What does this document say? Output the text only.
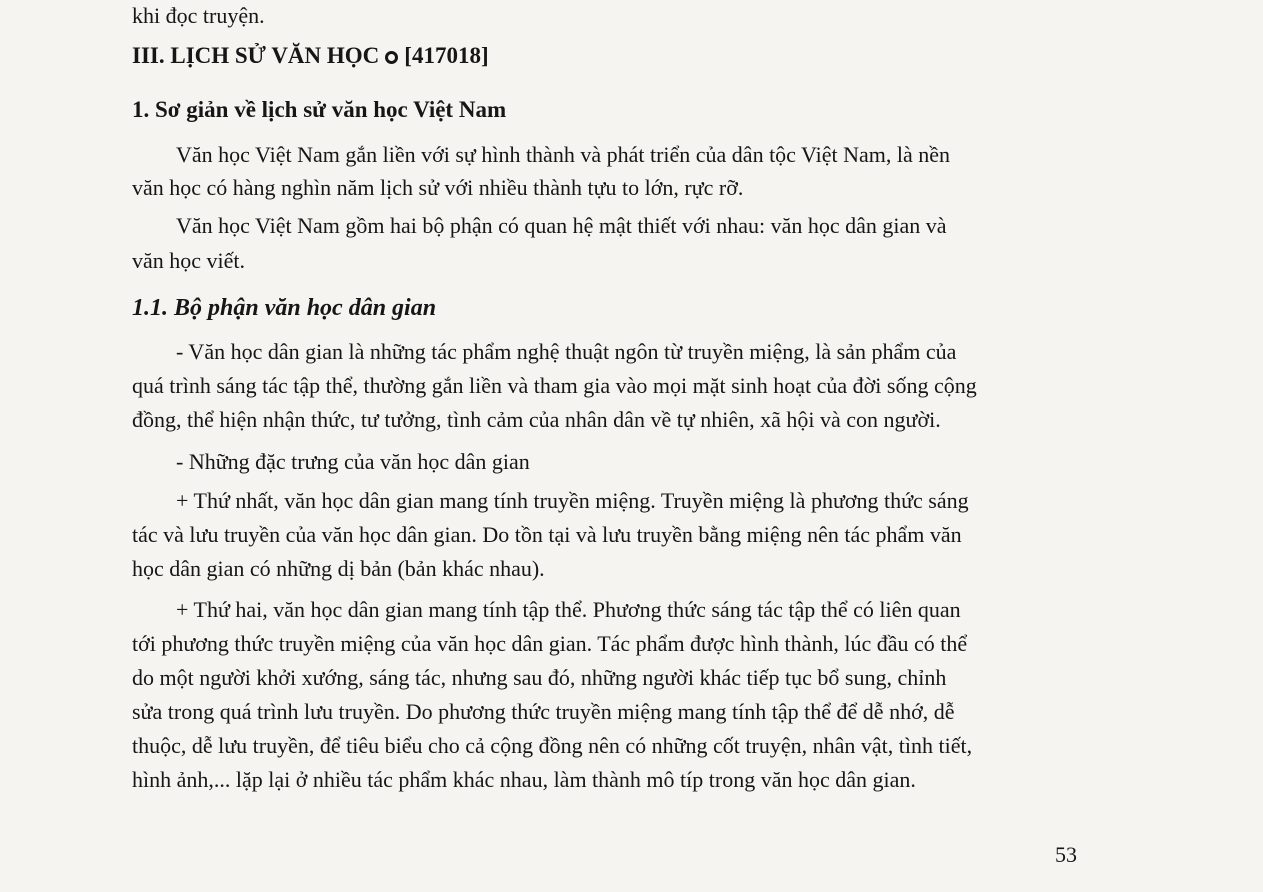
khi đọc truyện.
III. LỊCH SỬ VĂN HỌC [417018]
1. Sơ giản về lịch sử văn học Việt Nam
Văn học Việt Nam gắn liền với sự hình thành và phát triển của dân tộc Việt Nam, là nền
văn học có hàng nghìn năm lịch sử với nhiều thành tựu to lớn, rực rỡ.
Văn học Việt Nam gồm hai bộ phận có quan hệ mật thiết với nhau: văn học dân gian và
văn học viết.
1.1. Bộ phận văn học dân gian
- Văn học dân gian là những tác phẩm nghệ thuật ngôn từ truyền miệng, là sản phẩm của
quá trình sáng tác tập thể, thường gắn liền và tham gia vào mọi mặt sinh hoạt của đời sống cộng
đồng, thể hiện nhận thức, tư tưởng, tình cảm của nhân dân về tự nhiên, xã hội và con người.
- Những đặc trưng của văn học dân gian
+ Thứ nhất, văn học dân gian mang tính truyền miệng. Truyền miệng là phương thức sáng
tác và lưu truyền của văn học dân gian. Do tồn tại và lưu truyền bằng miệng nên tác phẩm văn
học dân gian có những dị bản (bản khác nhau).
+ Thứ hai, văn học dân gian mang tính tập thể. Phương thức sáng tác tập thể có liên quan
tới phương thức truyền miệng của văn học dân gian. Tác phẩm được hình thành, lúc đầu có thể
do một người khởi xướng, sáng tác, nhưng sau đó, những người khác tiếp tục bổ sung, chỉnh
sửa trong quá trình lưu truyền. Do phương thức truyền miệng mang tính tập thể để dễ nhớ, dễ
thuộc, dễ lưu truyền, để tiêu biểu cho cả cộng đồng nên có những cốt truyện, nhân vật, tình tiết,
hình ảnh,... lặp lại ở nhiều tác phẩm khác nhau, làm thành mô típ trong văn học dân gian.
53
